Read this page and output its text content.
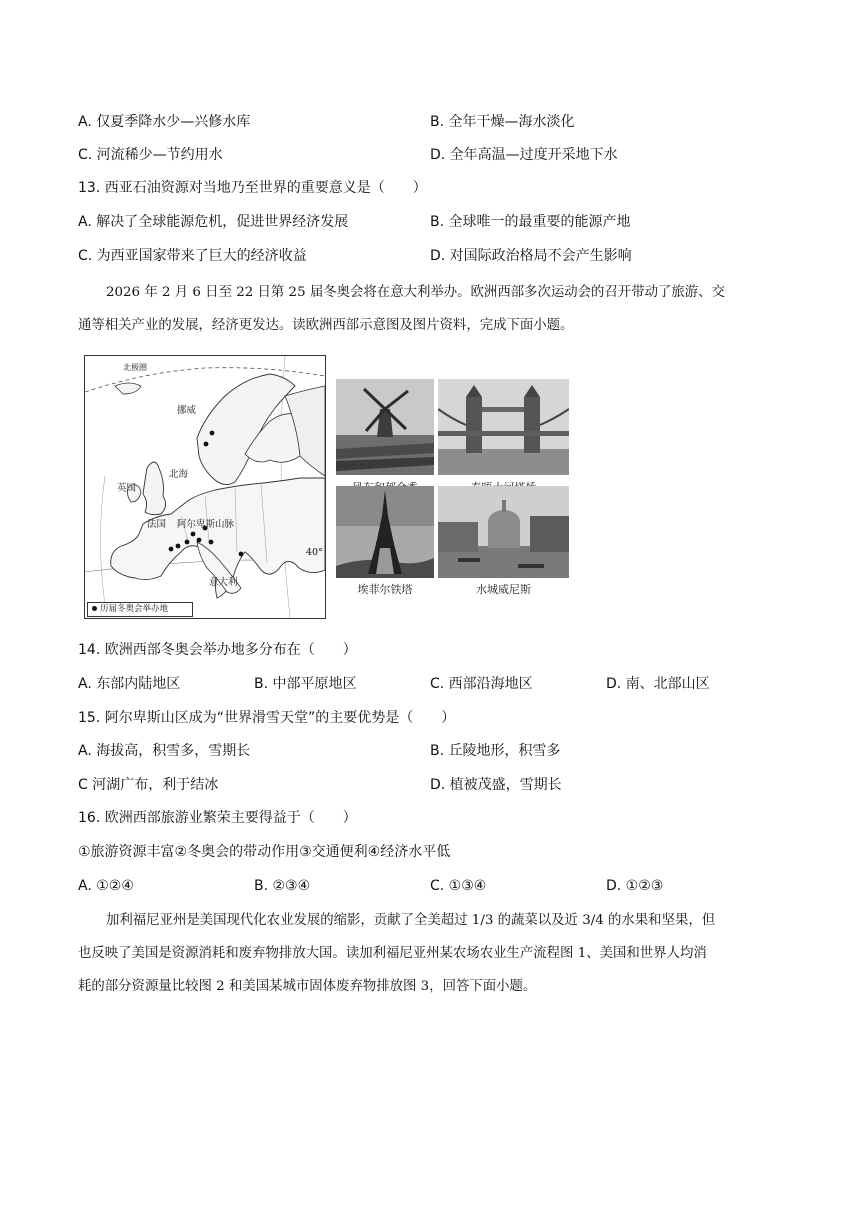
A. 仅夏季降水少—兴修水库	B. 全年干燥—海水淡化
C. 河流稀少—节约用水	D. 全年高温—过度开采地下水
13. 西亚石油资源对当地乃至世界的重要意义是（　　）
A. 解决了全球能源危机，促进世界经济发展	B. 全球唯一的最重要的能源产地
C. 为西亚国家带来了巨大的经济收益	D. 对国际政治格局不会产生影响
2026 年 2 月 6 日至 22 日第 25 届冬奥会将在意大利举办。欧洲西部多次运动会的召开带动了旅游、交
通等相关产业的发展，经济更发达。读欧洲西部示意图及图片资料，完成下面小题。
北极圈
挪威
北海
英国
法国 阿尔卑斯山脉
意大利
历届冬奥会举办地
40°
埃菲尔铁塔	水城威尼斯
14. 欧洲西部冬奥会举办地多分布在（　　）
A. 东部内陆地区	B. 中部平原地区	C. 西部沿海地区	D. 南、北部山区
15. 阿尔卑斯山区成为“世界滑雪天堂”的主要优势是（　　）
A. 海拔高，积雪多，雪期长	B. 丘陵地形，积雪多
C 河湖广布，利于结冰	D. 植被茂盛，雪期长
16. 欧洲西部旅游业繁荣主要得益于（　　）
①旅游资源丰富②冬奥会的带动作用③交通便利④经济水平低
A. ①②④	B. ②③④	C. ①③④	D. ①②③
加利福尼亚州是美国现代化农业发展的缩影，贡献了全美超过 1/3 的蔬菜以及近 3/4 的水果和坚果，但
也反映了美国是资源消耗和废弃物排放大国。读加利福尼亚州某农场农业生产流程图 1、美国和世界人均消
耗的部分资源量比较图 2 和美国某城市固体废弃物排放图 3，回答下面小题。
